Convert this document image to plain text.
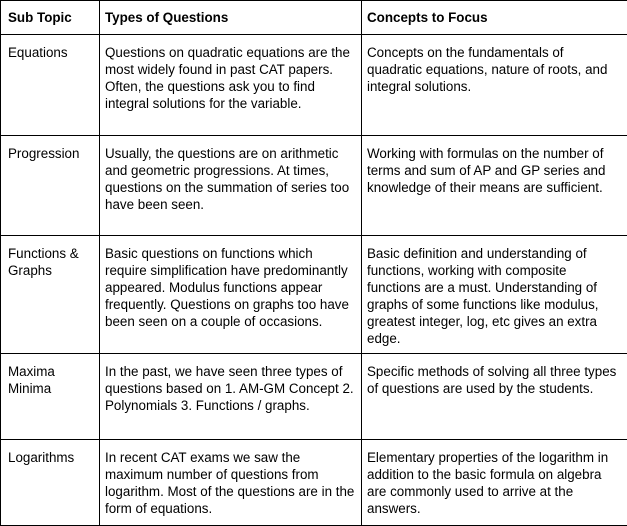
Sub Topic	Types of Questions	Concepts to Focus
Equations	Questions on quadratic equations are the most widely found in past CAT papers. Often, the questions ask you to find integral solutions for the variable.	Concepts on the fundamentals of quadratic equations, nature of roots, and integral solutions.
Progression	Usually, the questions are on arithmetic and geometric progressions. At times, questions on the summation of series too have been seen.	Working with formulas on the number of terms and sum of AP and GP series and knowledge of their means are sufficient.
Functions & Graphs	Basic questions on functions which require simplification have predominantly appeared. Modulus functions appear frequently. Questions on graphs too have been seen on a couple of occasions.	Basic definition and understanding of functions, working with composite functions are a must. Understanding of graphs of some functions like modulus, greatest integer, log, etc gives an extra edge.
Maxima Minima	In the past, we have seen three types of questions based on 1. AM-GM Concept 2. Polynomials 3. Functions / graphs.	Specific methods of solving all three types of questions are used by the students.
Logarithms	In recent CAT exams we saw the maximum number of questions from logarithm. Most of the questions are in the form of equations.	Elementary properties of the logarithm in addition to the basic formula on algebra are commonly used to arrive at the answers.
